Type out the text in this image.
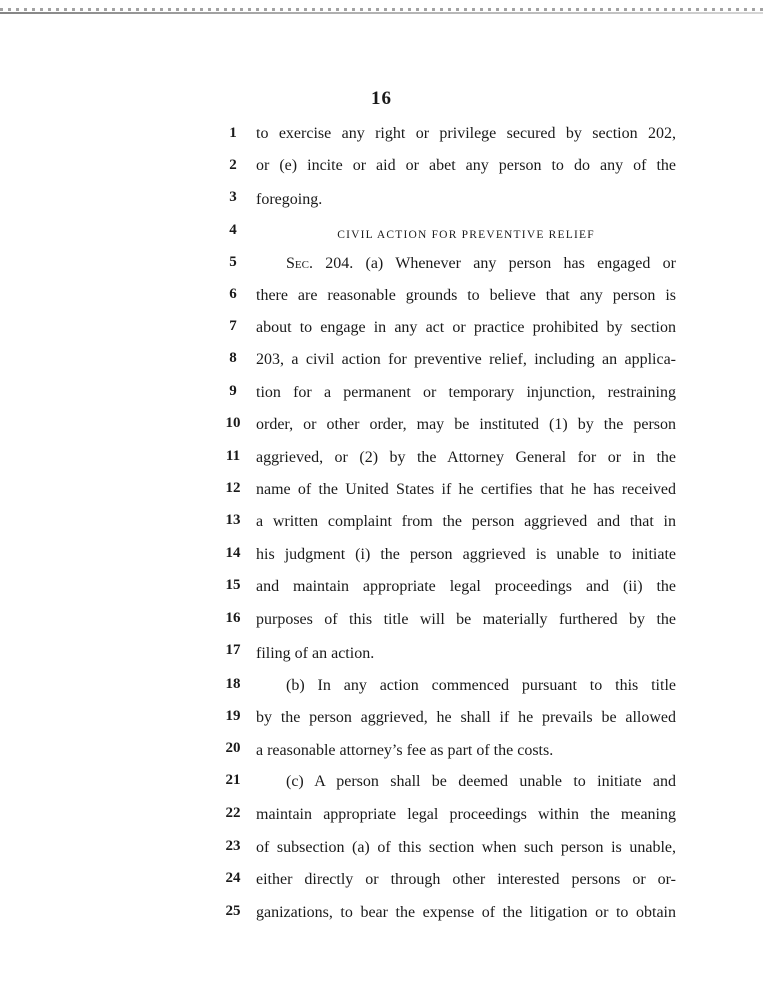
16
1	to exercise any right or privilege secured by section 202,
2	or (e) incite or aid or abet any person to do any of the
3	foregoing.
4	CIVIL ACTION FOR PREVENTIVE RELIEF
5	Sec. 204. (a) Whenever any person has engaged or
6	there are reasonable grounds to believe that any person is
7	about to engage in any act or practice prohibited by section
8	203, a civil action for preventive relief, including an applica-
9	tion for a permanent or temporary injunction, restraining
10 order, or other order, may be instituted (1) by the person
11 aggrieved, or (2) by the Attorney General for or in the
12 name of the United States if he certifies that he has received
13 a written complaint from the person aggrieved and that in
14 his judgment (i) the person aggrieved is unable to initiate
15 and maintain appropriate legal proceedings and (ii) the
16 purposes of this title will be materially furthered by the
17 filing of an action.
18	(b) In any action commenced pursuant to this title
19 by the person aggrieved, he shall if he prevails be allowed
20 a reasonable attorney’s fee as part of the costs.
21	(c) A person shall be deemed unable to initiate and
22 maintain appropriate legal proceedings within the meaning
23 of subsection (a) of this section when such person is unable,
24 either directly or through other interested persons or or-
25 ganizations, to bear the expense of the litigation or to obtain
